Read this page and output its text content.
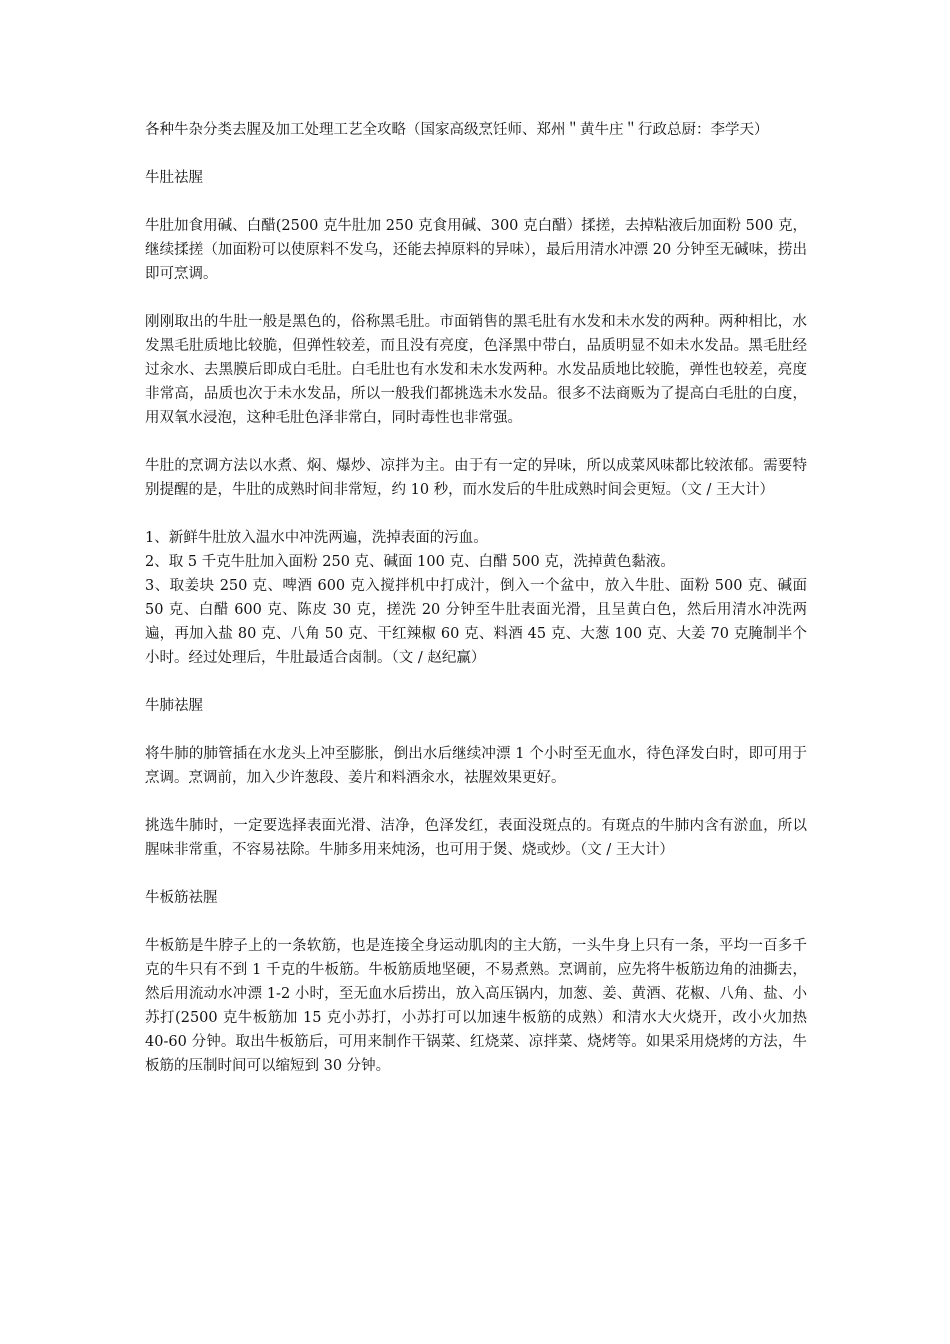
各种牛杂分类去腥及加工处理工艺全攻略（国家高级烹饪师、郑州＂黄牛庄＂行政总厨：李学天）

牛肚祛腥

牛肚加食用碱、白醋(2500 克牛肚加 250 克食用碱、300 克白醋）揉搓，去掉粘液后加面粉 500 克，继续揉搓（加面粉可以使原料不发乌，还能去掉原料的异味），最后用清水冲漂 20 分钟至无碱味，捞出即可烹调。

刚刚取出的牛肚一般是黑色的，俗称黑毛肚。市面销售的黑毛肚有水发和未水发的两种。两种相比，水发黑毛肚质地比较脆，但弹性较差，而且没有亮度，色泽黑中带白，品质明显不如未水发品。黑毛肚经过汆水、去黑膜后即成白毛肚。白毛肚也有水发和未水发两种。水发品质地比较脆，弹性也较差，亮度非常高，品质也次于未水发品，所以一般我们都挑选未水发品。很多不法商贩为了提高白毛肚的白度，用双氧水浸泡，这种毛肚色泽非常白，同时毒性也非常强。

牛肚的烹调方法以水煮、焖、爆炒、凉拌为主。由于有一定的异味，所以成菜风味都比较浓郁。需要特别提醒的是，牛肚的成熟时间非常短，约 10 秒，而水发后的牛肚成熟时间会更短。（文 / 王大计）

1、新鲜牛肚放入温水中冲洗两遍，洗掉表面的污血。

2、取 5 千克牛肚加入面粉 250 克、碱面 100 克、白醋 500 克，洗掉黄色黏液。

3、取姜块 250 克、啤酒 600 克入搅拌机中打成汁，倒入一个盆中，放入牛肚、面粉 500 克、碱面 50 克、白醋 600 克、陈皮 30 克，搓洗 20 分钟至牛肚表面光滑，且呈黄白色，然后用清水冲洗两遍，再加入盐 80 克、八角 50 克、干红辣椒 60 克、料酒 45 克、大葱 100 克、大姜 70 克腌制半个小时。经过处理后，牛肚最适合卤制。（文 / 赵纪赢）

牛肺祛腥

将牛肺的肺管插在水龙头上冲至膨胀，倒出水后继续冲漂 1 个小时至无血水，待色泽发白时，即可用于烹调。烹调前，加入少许葱段、姜片和料酒汆水，祛腥效果更好。

挑选牛肺时，一定要选择表面光滑、洁净，色泽发红，表面没斑点的。有斑点的牛肺内含有淤血，所以腥味非常重，不容易祛除。牛肺多用来炖汤，也可用于煲、烧或炒。（文 / 王大计）

牛板筋祛腥

牛板筋是牛脖子上的一条软筋，也是连接全身运动肌肉的主大筋，一头牛身上只有一条，平均一百多千克的牛只有不到 1 千克的牛板筋。牛板筋质地坚硬，不易煮熟。烹调前，应先将牛板筋边角的油撕去，然后用流动水冲漂 1-2 小时，至无血水后捞出，放入高压锅内，加葱、姜、黄酒、花椒、八角、盐、小苏打(2500 克牛板筋加 15 克小苏打，小苏打可以加速牛板筋的成熟）和清水大火烧开，改小火加热 40-60 分钟。取出牛板筋后，可用来制作干锅菜、红烧菜、凉拌菜、烧烤等。如果采用烧烤的方法，牛板筋的压制时间可以缩短到 30 分钟。
